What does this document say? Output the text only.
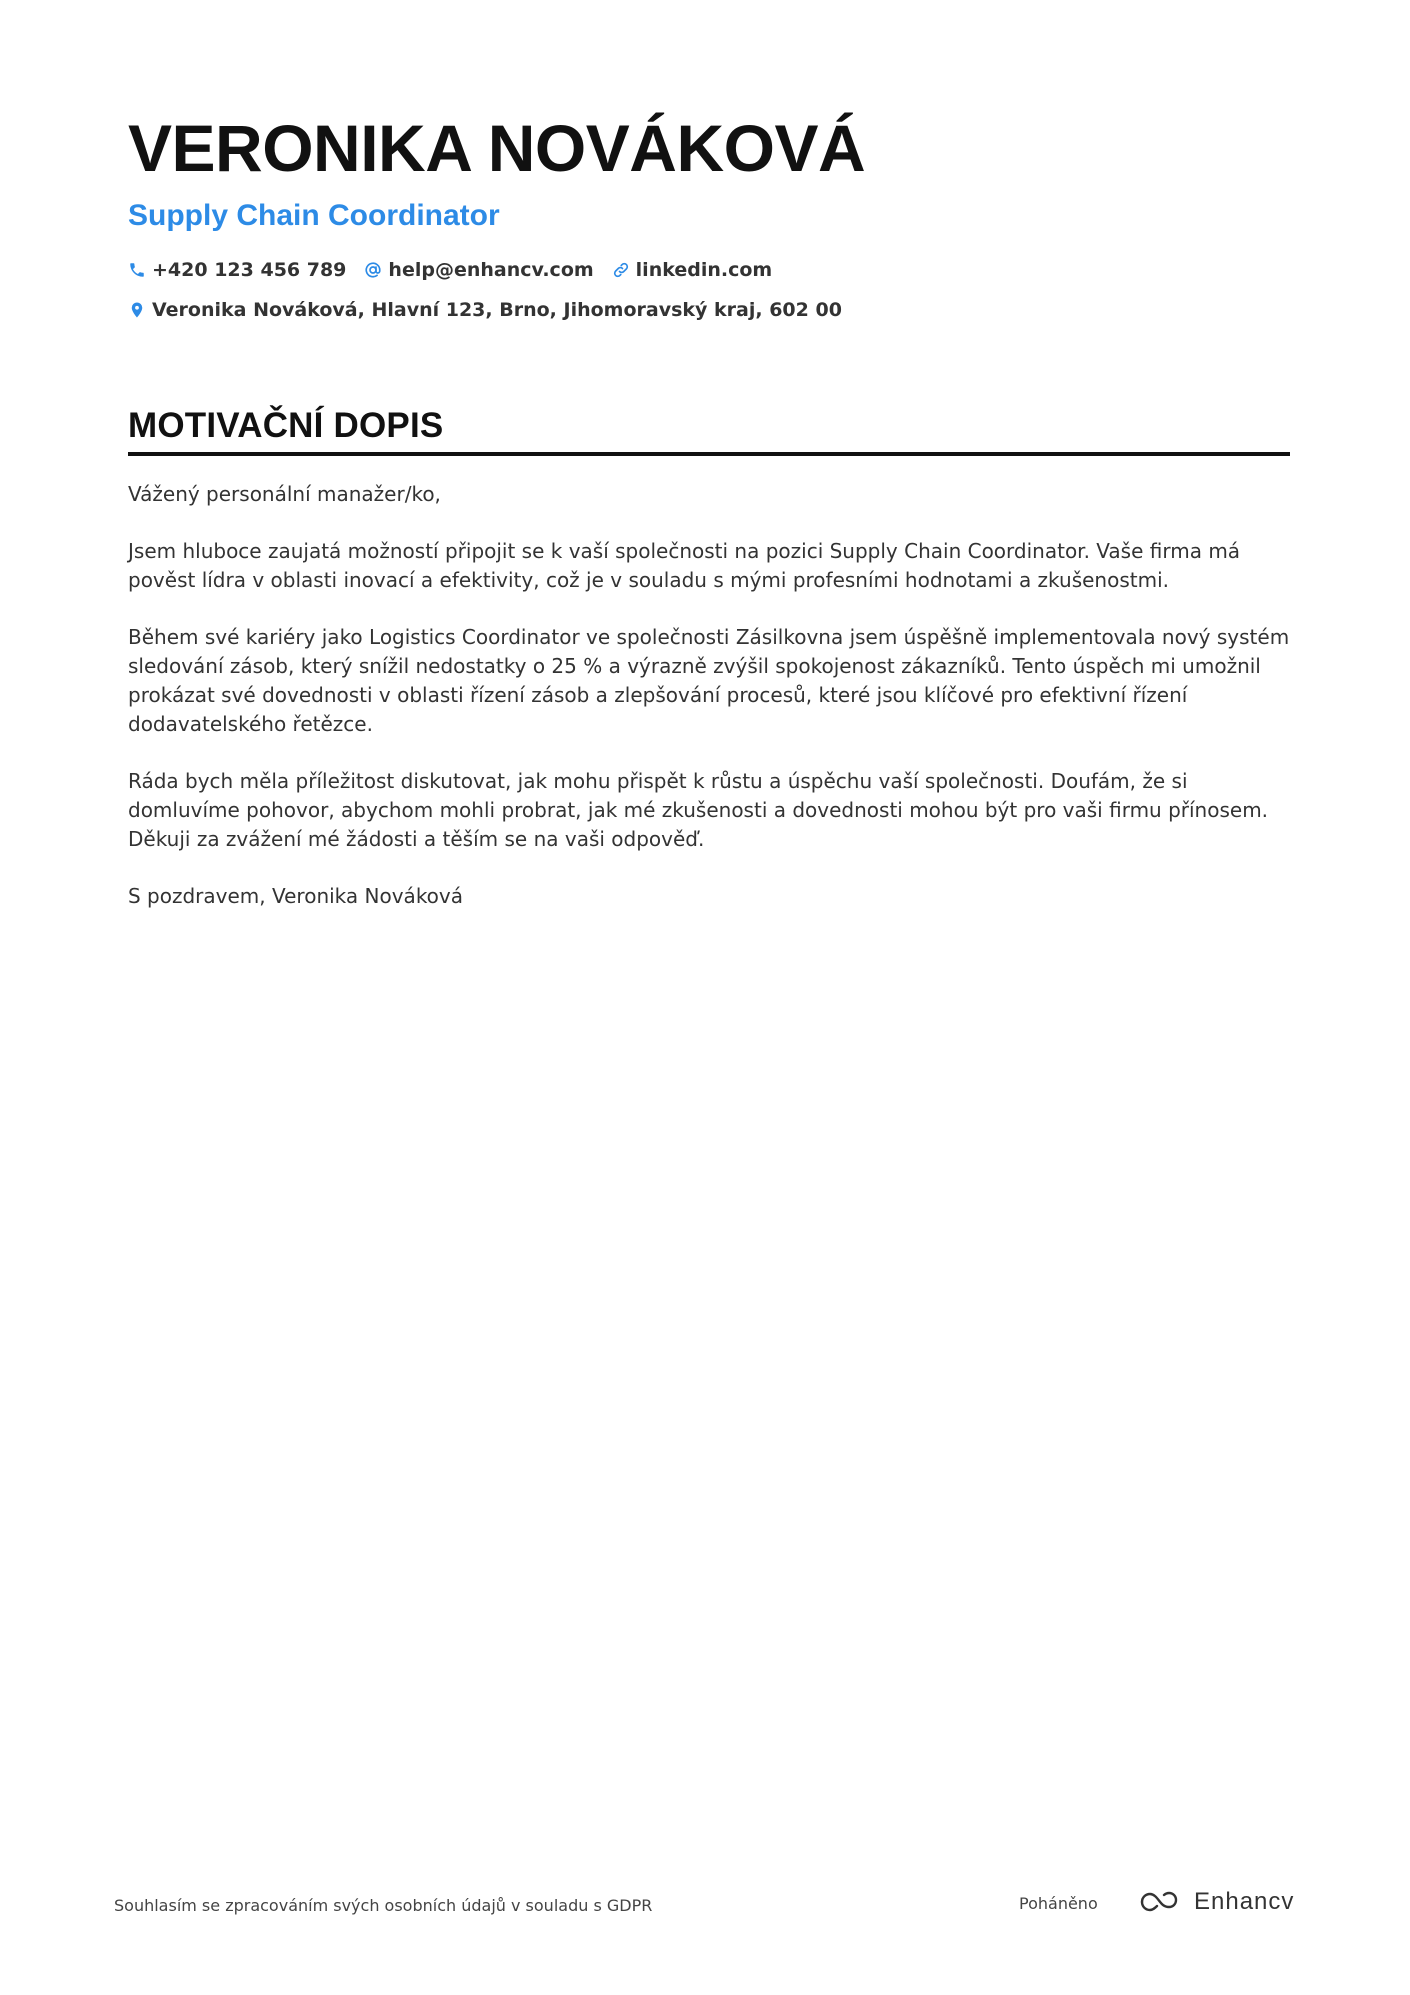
VERONIKA NOVÁKOVÁ
Supply Chain Coordinator
+420 123 456 789 help@enhancv.com linkedin.com
Veronika Nováková, Hlavní 123, Brno, Jihomoravský kraj, 602 00
MOTIVAČNÍ DOPIS

Vážený personální manažer/ko,

Jsem hluboce zaujatá možností připojit se k vaší společnosti na pozici Supply Chain Coordinator. Vaše firma má pověst lídra v oblasti inovací a efektivity, což je v souladu s mými profesními hodnotami a zkušenostmi.

Během své kariéry jako Logistics Coordinator ve společnosti Zásilkovna jsem úspěšně implementovala nový systém sledování zásob, který snížil nedostatky o 25 % a výrazně zvýšil spokojenost zákazníků. Tento úspěch mi umožnil prokázat své dovednosti v oblasti řízení zásob a zlepšování procesů, které jsou klíčové pro efektivní řízení dodavatelského řetězce.

Ráda bych měla příležitost diskutovat, jak mohu přispět k růstu a úspěchu vaší společnosti. Doufám, že si domluvíme pohovor, abychom mohli probrat, jak mé zkušenosti a dovednosti mohou být pro vaši firmu přínosem. Děkuji za zvážení mé žádosti a těším se na vaši odpověď.

S pozdravem, Veronika Nováková

Souhlasím se zpracováním svých osobních údajů v souladu s GDPR	Poháněno	Enhancv
